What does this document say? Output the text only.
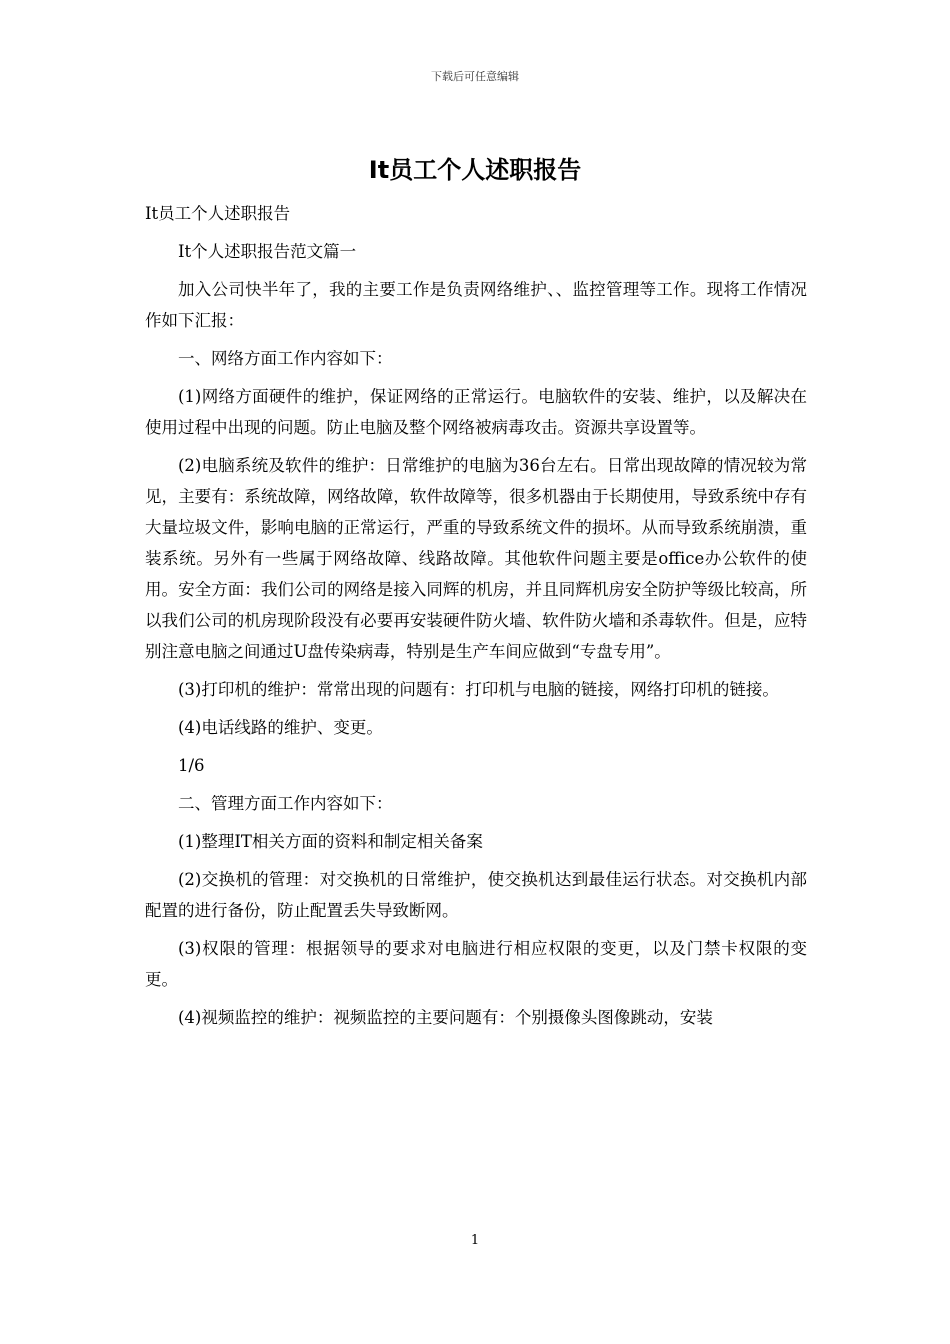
下载后可任意编辑
It员工个人述职报告

It员工个人述职报告

It个人述职报告范文篇一

加入公司快半年了，我的主要工作是负责网络维护、、监控管理等工作。现将工作情况作如下汇报：

一、网络方面工作内容如下：

(1)网络方面硬件的维护，保证网络的正常运行。电脑软件的安装、维护，以及解决在使用过程中出现的问题。防止电脑及整个网络被病毒攻击。资源共享设置等。

(2)电脑系统及软件的维护：日常维护的电脑为36台左右。日常出现故障的情况较为常见，主要有：系统故障，网络故障，软件故障等，很多机器由于长期使用，导致系统中存有大量垃圾文件，影响电脑的正常运行，严重的导致系统文件的损坏。从而导致系统崩溃，重装系统。另外有一些属于网络故障、线路故障。其他软件问题主要是office办公软件的使用。安全方面：我们公司的网络是接入同辉的机房，并且同辉机房安全防护等级比较高，所以我们公司的机房现阶段没有必要再安装硬件防火墙、软件防火墙和杀毒软件。但是，应特别注意电脑之间通过U盘传染病毒，特别是生产车间应做到“专盘专用”。

(3)打印机的维护：常常出现的问题有：打印机与电脑的链接，网络打印机的链接。

(4)电话线路的维护、变更。

1/6

二、管理方面工作内容如下：

(1)整理IT相关方面的资料和制定相关备案

(2)交换机的管理：对交换机的日常维护，使交换机达到最佳运行状态。对交换机内部配置的进行备份，防止配置丢失导致断网。

(3)权限的管理：根据领导的要求对电脑进行相应权限的变更，以及门禁卡权限的变更。

(4)视频监控的维护：视频监控的主要问题有：个别摄像头图像跳动，安装

1
